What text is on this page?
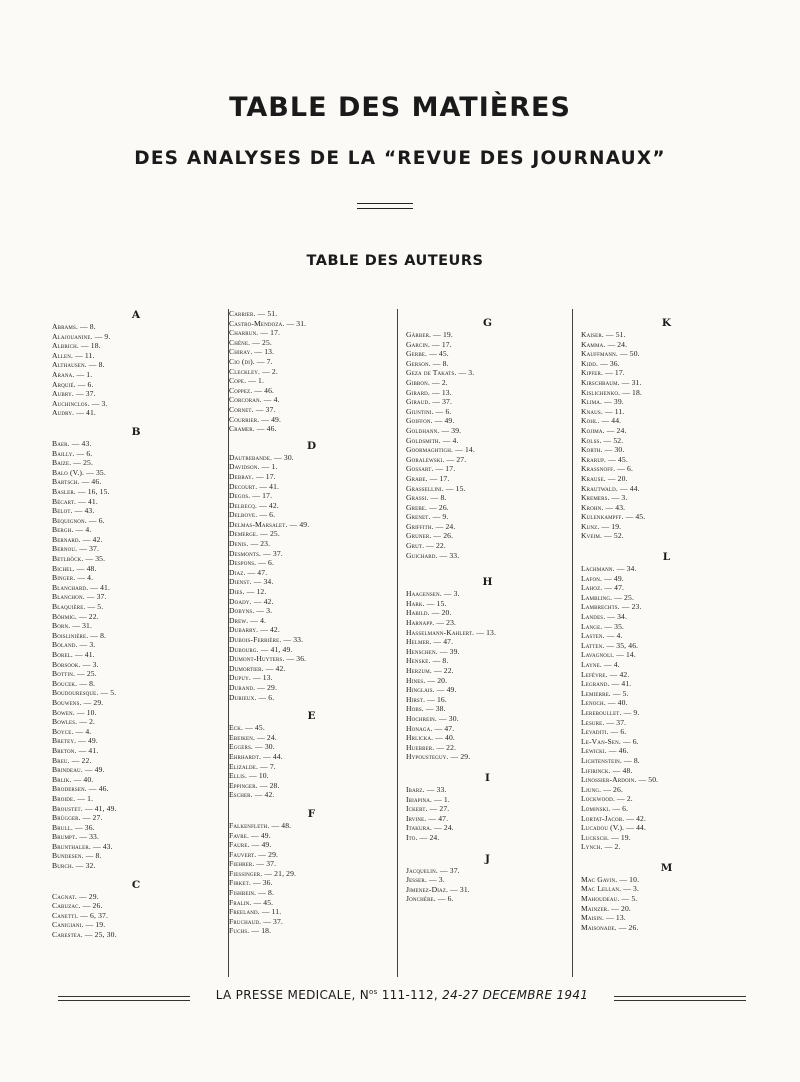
TABLE DES MATIÈRES
DES ANALYSES DE LA “REVUE DES JOURNAUX”
TABLE DES AUTEURS
A
Abrams. — 8.
Alajouanine. — 9.
Albrich. — 18.
Allen. — 11.
Althausen. — 8.
Arana. — 1.
Arquié. — 6.
Aubry. — 37.
Auchinclos. — 3.
Audry. — 41.
B
Baer. — 43.
Bailly. — 6.
Baize. — 25.
Balo (V.). — 35.
Bartsch. — 46.
Basler. — 16, 15.
Bécart. — 41.
Belot. — 43.
Bequignon. — 6.
Bergh. — 4.
Bernard. — 42.
Bernou. — 37.
Betlböck. — 35.
Bichel. — 48.
Binger. — 4.
Blanchard. — 41.
Blanchon. — 37.
Blaquière. — 5.
Böhmig. — 22.
Born. — 31.
Boislinière. — 8.
Boland. — 3.
Borel. — 41.
Borsook. — 3.
Bottin. — 25.
Boucek. — 8.
Boudouresque. — 5.
Bouwens. — 29.
Bowen. — 10.
Bowles. — 2.
Boyce. — 4.
Bretey. — 49.
Breton. — 41.
Breu. — 22.
Brindeau. — 49.
Brlik. — 40.
Brodersen. — 46.
Broide. — 1.
Broustet. — 41, 49.
Brügger. — 27.
Brull. — 36.
Brumpt. — 33.
Brunthaler. — 43.
Bundesen. — 8.
Burch. — 32.
C
Cagnat. — 29.
Cabuzac. — 26.
Canetti. — 6, 37.
Canigiani. — 19.
Carestea. — 25, 30.
Carrier. — 51.
Castro-Mendoza. — 31.
Charrun. — 17.
Chêne. — 25.
Chiray. — 13.
Cio (di). — 7.
Cleckley. — 2.
Cope. — 1.
Coppez. — 46.
Corcoran. — 4.
Cornet. — 37.
Courrier. — 49.
Cramer. — 46.
D
Dautrebande. — 30.
Davidson. — 1.
Debray. — 17.
Decourt. — 41.
Degos. — 17.
Delbecq. — 42.
Delbove. — 6.
Delmas-Marsalet. — 49.
Demerge. — 25.
Denis. — 23.
Desmonts. — 37.
Despons. — 6.
Diaz. — 47.
Dienst. — 34.
Dies. — 12.
Doady. — 42.
Dobyns. — 3.
Drew. — 4.
Dubarry. — 42.
Dubois-Ferrière. — 33.
Dubourg. — 41, 49.
Dumont-Huyters. — 36.
Dumortier. — 42.
Dupuy. — 13.
Durand. — 29.
Durieux. — 6.
E
Eck. — 45.
Ebeiken. — 24.
Eggers. — 30.
Ehrhardt. — 44.
Elizalde. — 7.
Ellis. — 10.
Eppinger. — 28.
Escher. — 42.
F
Falkenfleth. — 48.
Favre. — 49.
Faure. — 49.
Fauvert. — 29.
Fiehrer. — 37.
Fiessinger. — 21, 29.
Firket. — 36.
Fishbein. — 8.
Fralin. — 45.
Freeland. — 11.
Fruchaud. — 37.
Fuchs. — 18.
G
Gärber. — 19.
Garcin. — 17.
Gerbe. — 45.
Gerson. — 8.
Geza de Takats. — 3.
Gibbon. — 2.
Girard. — 13.
Giraud. — 37.
Giuntini. — 6.
Goiffon. — 49.
Goldhann. — 39.
Goldsmith. — 4.
Goormaghtigh. — 14.
Goralewski. — 27.
Gossart. — 17.
Grabe. — 17.
Grassellini. — 15.
Grassi. — 8.
Grebe. — 26.
Grenet. — 9.
Griffith. — 24.
Gruner. — 26.
Grut. — 22.
Guichard. — 33.
H
Haagensen. — 3.
Hark. — 15.
Habild. — 20.
Harnapp. — 23.
Hasselmann-Kahlert. — 13.
Helmer. — 47.
Henschen. — 39.
Henske. — 8.
Herzum. — 22.
Hines. — 20.
Hinglais. — 49.
Hirst. — 16.
Hobs. — 38.
Hochrein. — 30.
Honaga. — 47.
Hrlicka. — 40.
Huebber. — 22.
Hypousteguy. — 29.
I
Ibarz. — 33.
Ibiapina. — 1.
Ickert. — 27.
Irvine. — 47.
Itakura. — 24.
Ito. — 24.
J
Jacquelin. — 37.
Jesser. — 3.
Jimenez-Diaz. — 31.
Jonchère. — 6.
K
Kaiser. — 51.
Kamma. — 24.
Kauffmann. — 50.
Kidd. — 36.
Kipfer. — 17.
Kirschbaum. — 31.
Kislichenko. — 18.
Klima. — 39.
Knaus. — 11.
Kohl. — 44.
Kojima. — 24.
Kolss. — 52.
Korth. — 30.
Krarup. — 45.
Krassnoff. — 6.
Krause. — 20.
Krautwald. — 44.
Kremers. — 3.
Krohn. — 43.
Kulenkampff. — 45.
Kunz. — 19.
Kveim. — 52.
L
Lachmann. — 34.
Lafon. — 49.
Lahoz. — 47.
Lambling. — 25.
Lambrechts. — 23.
Landes. — 34.
Lange. — 35.
Lasten. — 4.
Latten. — 35, 46.
Lavagnoli. — 14.
Layne. — 4.
Lefèvre. — 42.
Legrand. — 41.
Lemierre. — 5.
Lenoch. — 40.
Lereboullet. — 9.
Lesure. — 37.
Levaditi. — 6.
Le-Van-Sen. — 6.
Lewicki. — 46.
Lichtenstein. — 8.
Lifirinck. — 48.
Linossier-Ardoin. — 50.
Ljung. — 26.
Lockwood. — 2.
Lominski. — 6.
Lortat-Jacob. — 42.
Lucadou (V.). — 44.
Lucksch. — 19.
Lynch. — 2.
M
Mac Gavin. — 10.
Mac Lellan. — 3.
Mahoudeau. — 5.
Mainzer. — 20.
Maisin. — 13.
Maisonade. — 26.
LA PRESSE MEDICALE, $N^{os}$ 111-112, 24-27 DECEMBRE 1941
